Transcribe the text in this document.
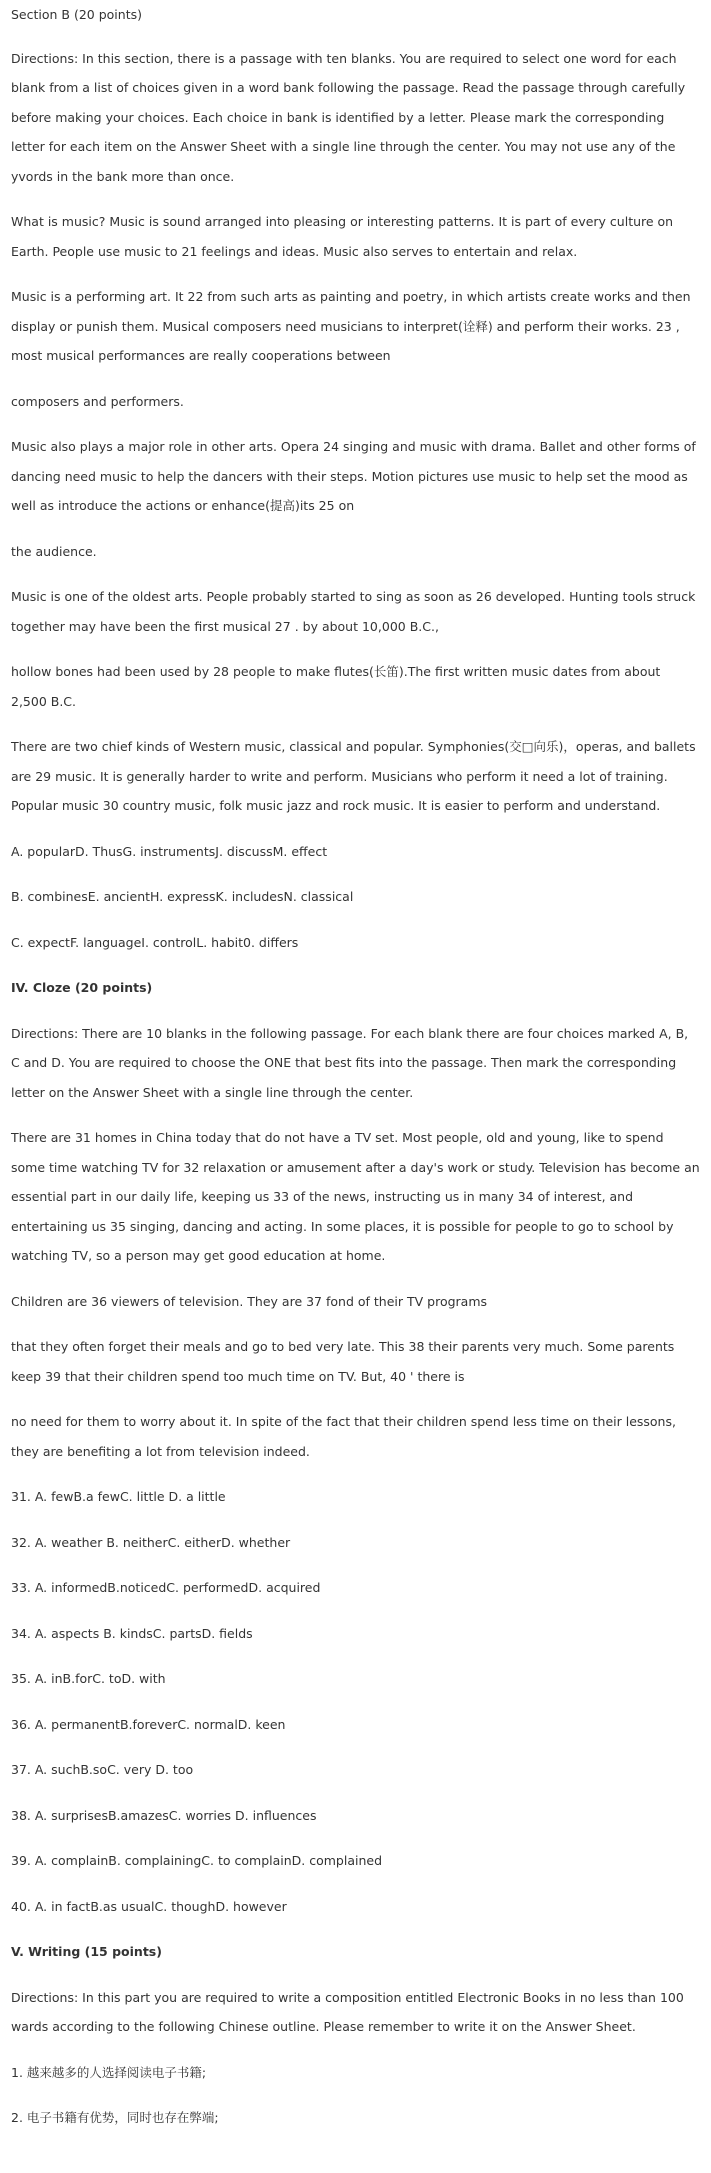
Section B (20 points)

Directions: In this section, there is a passage with ten blanks. You are required to select one word for each blank from a list of choices given in a word bank following the passage. Read the passage through carefully before making your choices. Each choice in bank is identified by a letter. Please mark the corresponding letter for each item on the Answer Sheet with a single line through the center. You may not use any of the yvords in the bank more than once.

What is music? Music is sound arranged into pleasing or interesting patterns. It is part of every culture on Earth. People use music to 21 feelings and ideas. Music also serves to entertain and relax.

Music is a performing art. It 22 from such arts as painting and poetry, in which artists create works and then display or punish them. Musical composers need musicians to interpret(诠释) and perform their works. 23 , most musical performances are really cooperations between

composers and performers.

Music also plays a major role in other arts. Opera 24 singing and music with drama. Ballet and other forms of dancing need music to help the dancers with their steps. Motion pictures use music to help set the mood as well as introduce the actions or enhance(提高)its 25 on

the audience.

Music is one of the oldest arts. People probably started to sing as soon as 26 developed. Hunting tools struck together may have been the first musical 27 . by about 10,000 B.C.,

hollow bones had been used by 28 people to make flutes(长笛).The first written music dates from about 2,500 B.C.

There are two chief kinds of Western music, classical and popular. Symphonies(交□向乐)，operas, and ballets are 29 music. It is generally harder to write and perform. Musicians who perform it need a lot of training. Popular music 30 country music, folk music jazz and rock music. It is easier to perform and understand.

A. popularD. ThusG. instrumentsJ. discussM. effect

B. combinesE. ancientH. expressK. includesN. classical

C. expectF. languageI. controlL. habit0. differs

IV. Cloze (20 points)

Directions: There are 10 blanks in the following passage. For each blank there are four choices marked A, B, C and D. You are required to choose the ONE that best fits into the passage. Then mark the corresponding letter on the Answer Sheet with a single line through the center.

There are 31 homes in China today that do not have a TV set. Most people, old and young, like to spend some time watching TV for 32 relaxation or amusement after a day's work or study. Television has become an essential part in our daily life, keeping us 33 of the news, instructing us in many 34 of interest, and entertaining us 35 singing, dancing and acting. In some places, it is possible for people to go to school by watching TV, so a person may get good education at home.

Children are 36 viewers of television. They are 37 fond of their TV programs

that they often forget their meals and go to bed very late. This 38 their parents very much. Some parents keep 39 that their children spend too much time on TV. But, 40 ' there is

no need for them to worry about it. In spite of the fact that their children spend less time on their lessons, they are benefiting a lot from television indeed.

31. A. fewB.a fewC. little D. a little

32. A. weather B. neitherC. eitherD. whether

33. A. informedB.noticedC. performedD. acquired

34. A. aspects B. kindsC. partsD. fields

35. A. inB.forC. toD. with

36. A. permanentB.foreverC. normalD. keen

37. A. suchB.soC. very D. too

38. A. surprisesB.amazesC. worries D. influences

39. A. complainB. complainingC. to complainD. complained

40. A. in factB.as usualC. thoughD. however

V. Writing (15 points)

Directions: In this part you are required to write a composition entitled Electronic Books in no less than 100 wards according to the following Chinese outline. Please remember to write it on the Answer Sheet.

1. 越来越多的人选择阅读电子书籍;

2. 电子书籍有优势，同时也存在弊端;
